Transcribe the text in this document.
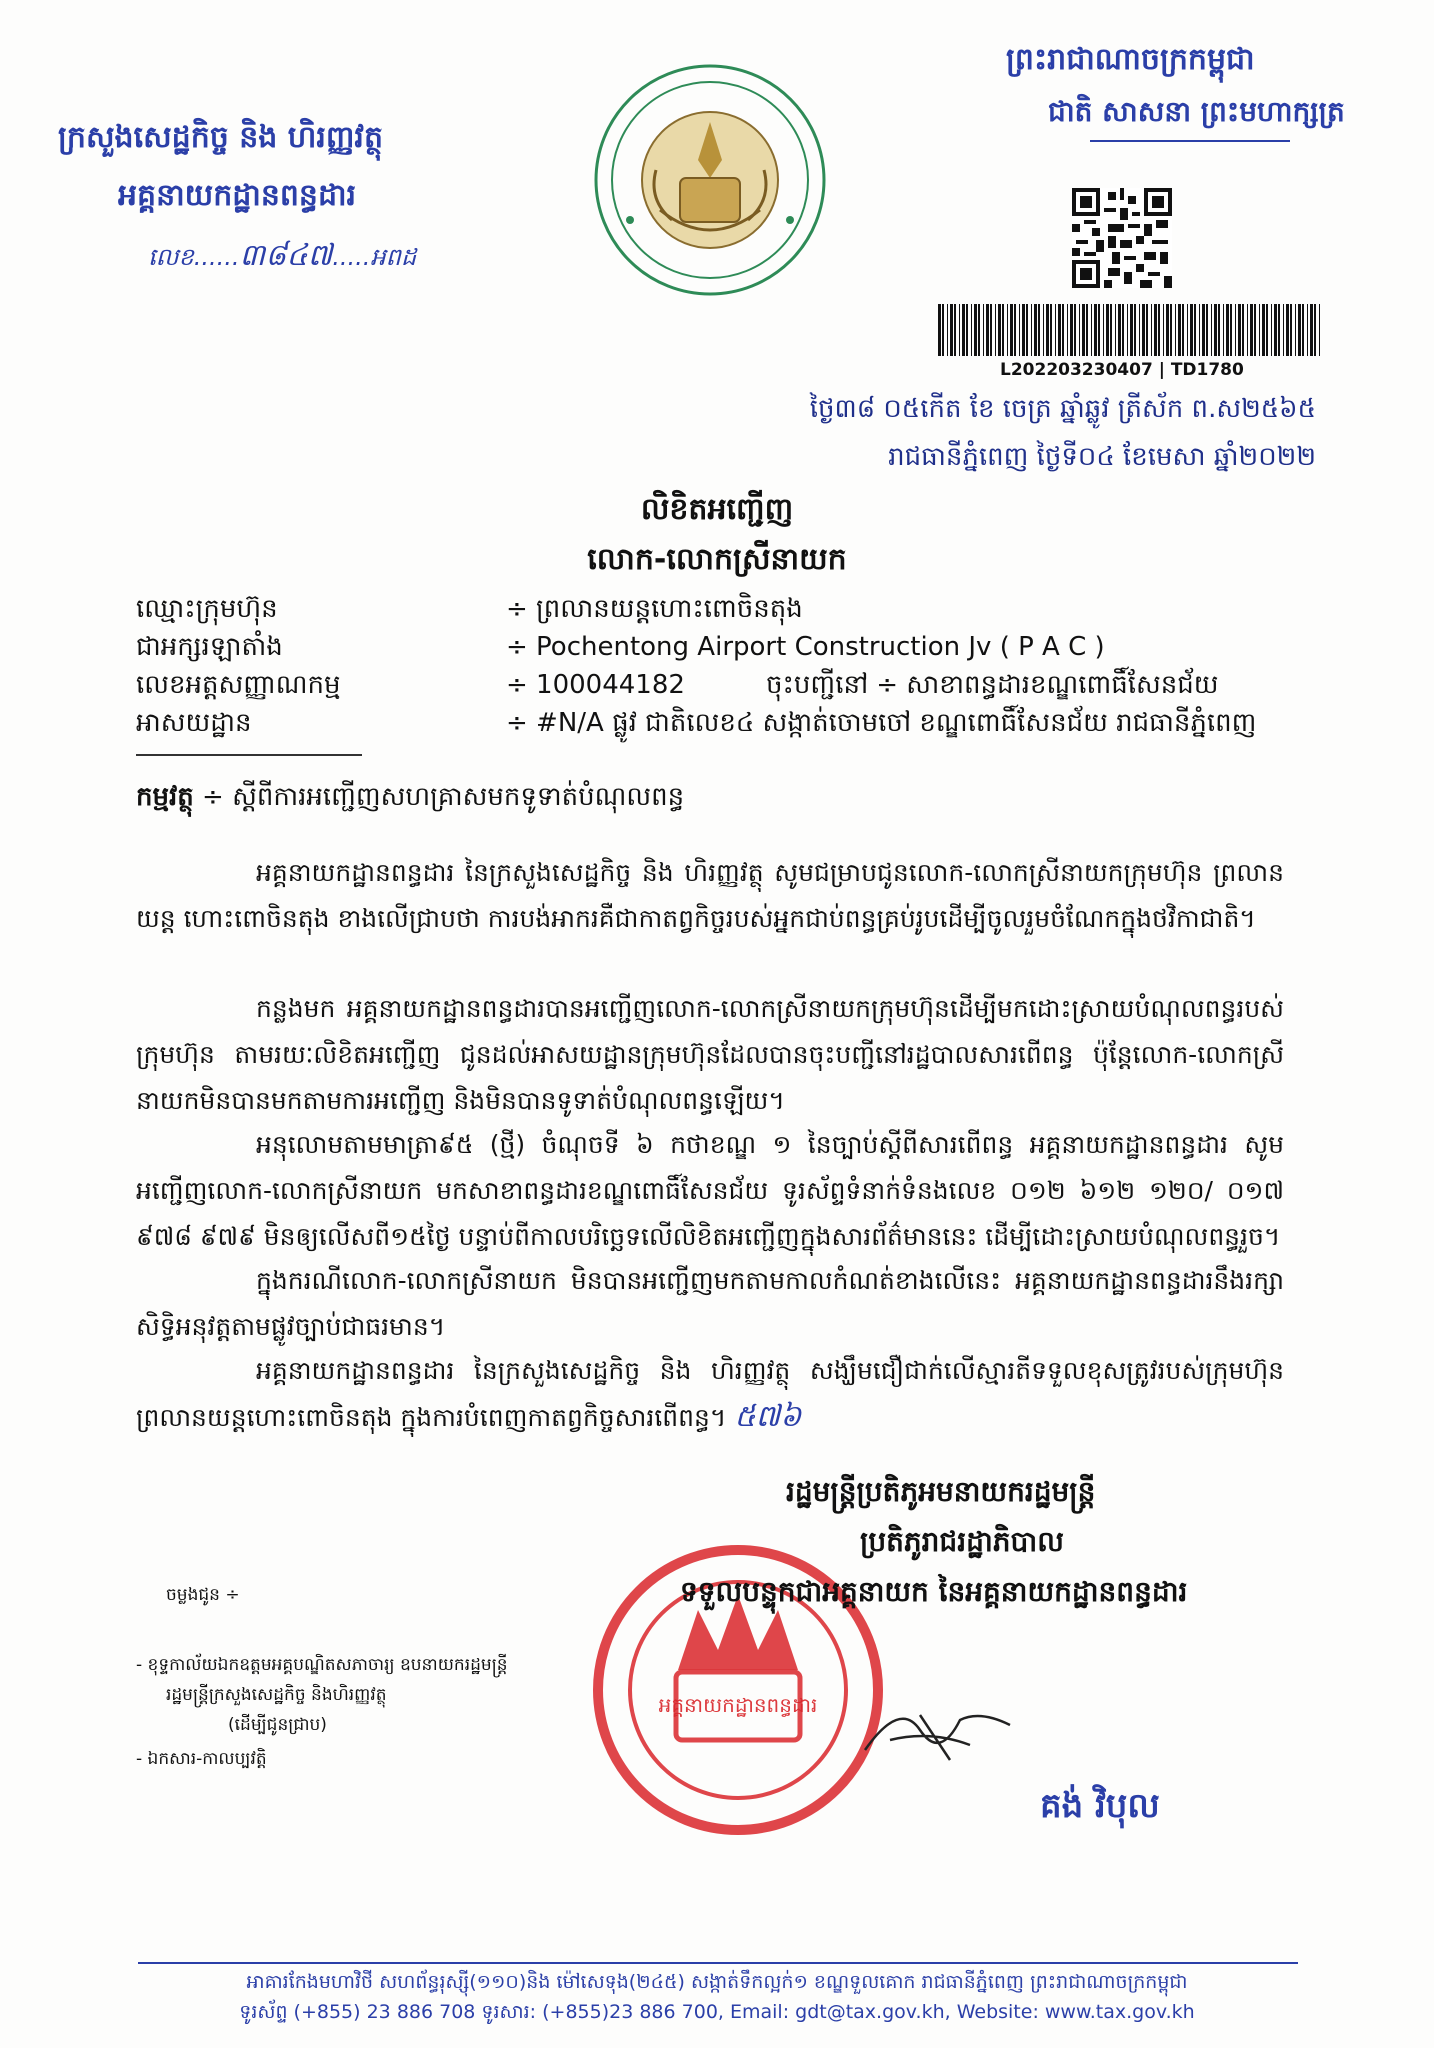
ក្រសួងសេដ្ឋកិច្ច និង ហិរញ្ញវត្ថុ
អគ្គនាយកដ្ឋានពន្ធដារ
លេខ......៣៨៤៧.....អពដ
ព្រះរាជាណាចក្រកម្ពុជា
ជាតិ សាសនា ព្រះមហាក្សត្រ
L202203230407 | TD1780
ថ្ងៃ៣៨ ០៥កើត ខែ ចេត្រ ឆ្នាំឆ្លូវ ត្រីស័ក ព.ស២៥៦៥
រាជធានីភ្នំពេញ ថ្ងៃទី០៤ ខែមេសា ឆ្នាំ២០២២
លិខិតអញ្ជើញ
លោក-លោកស្រីនាយក
ឈ្មោះក្រុមហ៊ុន	÷ ព្រលានយន្តហោះពោចិនតុង
ជាអក្សរឡាតាំង	÷ Pochentong Airport Construction Jv ( P A C )
លេខអត្តសញ្ញាណកម្ម	÷ 100044182	ចុះបញ្ជីនៅ ÷ សាខាពន្ធដារខណ្ឌពោធិ៍សែនជ័យ
អាសយដ្ឋាន	÷ #N/A ផ្លូវ ជាតិលេខ៤ សង្កាត់ចោមចៅ ខណ្ឌពោធិ៍សែនជ័យ រាជធានីភ្នំពេញ
កម្មវត្ថុ ÷ ស្តីពីការអញ្ជើញសហគ្រាសមកទូទាត់បំណុលពន្ធ
អគ្គនាយកដ្ឋានពន្ធដារ នៃក្រសួងសេដ្ឋកិច្ច និង ហិរញ្ញវត្ថុ សូមជម្រាបជូនលោក-លោកស្រីនាយកក្រុមហ៊ុន ព្រលានយន្ត ហោះពោចិនតុង ខាងលើជ្រាបថា ការបង់អាករគឺជាកាតព្វកិច្ចរបស់អ្នកជាប់ពន្ធគ្រប់រូបដើម្បីចូលរួមចំណែកក្នុងថវិកាជាតិ។
កន្លងមក អគ្គនាយកដ្ឋានពន្ធដារបានអញ្ជើញលោក-លោកស្រីនាយកក្រុមហ៊ុនដើម្បីមកដោះស្រាយបំណុលពន្ធរបស់ក្រុមហ៊ុន តាមរយៈលិខិតអញ្ជើញ ជូនដល់អាសយដ្ឋានក្រុមហ៊ុនដែលបានចុះបញ្ជីនៅរដ្ឋបាលសារពើពន្ធ ប៉ុន្តែលោក-លោកស្រីនាយកមិនបានមកតាមការអញ្ជើញ និងមិនបានទូទាត់បំណុលពន្ធឡើយ។
អនុលោមតាមមាត្រា៩៥ (ថ្មី) ចំណុចទី ៦ កថាខណ្ឌ ១ នៃច្បាប់ស្តីពីសារពើពន្ធ អគ្គនាយកដ្ឋានពន្ធដារ សូមអញ្ជើញលោក-លោកស្រីនាយក មកសាខាពន្ធដារខណ្ឌពោធិ៍សែនជ័យ ទូរស័ព្ទទំនាក់ទំនងលេខ ០១២ ៦១២ ១២០/ ០១៧ ៩៧៨ ៩៧៩ មិនឲ្យលើសពី១៥ថ្ងៃ បន្ទាប់ពីកាលបរិច្ឆេទលើលិខិតអញ្ជើញក្នុងសារព័ត៌មាននេះ ដើម្បីដោះស្រាយបំណុលពន្ធរួច។
ក្នុងករណីលោក-លោកស្រីនាយក មិនបានអញ្ជើញមកតាមកាលកំណត់ខាងលើនេះ អគ្គនាយកដ្ឋានពន្ធដារនឹងរក្សាសិទ្ធិអនុវត្តតាមផ្លូវច្បាប់ជាធរមាន។
អគ្គនាយកដ្ឋានពន្ធដារ នៃក្រសួងសេដ្ឋកិច្ច និង ហិរញ្ញវត្ថុ សង្ឃឹមជឿជាក់លើស្មារតីទទួលខុសត្រូវរបស់ក្រុមហ៊ុន ព្រលានយន្តហោះពោចិនតុង ក្នុងការបំពេញកាតព្វកិច្ចសារពើពន្ធ។ ៥៧៦
រដ្ឋមន្ត្រីប្រតិភូអមនាយករដ្ឋមន្ត្រី
ប្រតិភូរាជរដ្ឋាភិបាល
អគ្គនាយកដ្ឋានពន្ធដារ
ទទួលបន្ទុកជាអគ្គនាយក នៃអគ្គនាយកដ្ឋានពន្ធដារ
គង់ វិបុល
ចម្លងជូន ÷
- ខុទ្ទកាល័យឯកឧត្តមអគ្គបណ្ឌិតសភាចារ្យ ឧបនាយករដ្ឋមន្ត្រី
រដ្ឋមន្ត្រីក្រសួងសេដ្ឋកិច្ច និងហិរញ្ញវត្ថុ
(ដើម្បីជូនជ្រាប)
- ឯកសារ-កាលប្បវត្តិ
អាគារកែងមហាវិថី សហព័ន្ធរុស្ស៊ី(១១០)និង ម៉ៅសេទុង(២៤៥) សង្កាត់ទឹកល្អក់១ ខណ្ឌទួលគោក រាជធានីភ្នំពេញ ព្រះរាជាណាចក្រកម្ពុជា
ទូរស័ព្ទ (+855) 23 886 708 ទូរសារ: (+855)23 886 700, Email: gdt@tax.gov.kh, Website: www.tax.gov.kh
